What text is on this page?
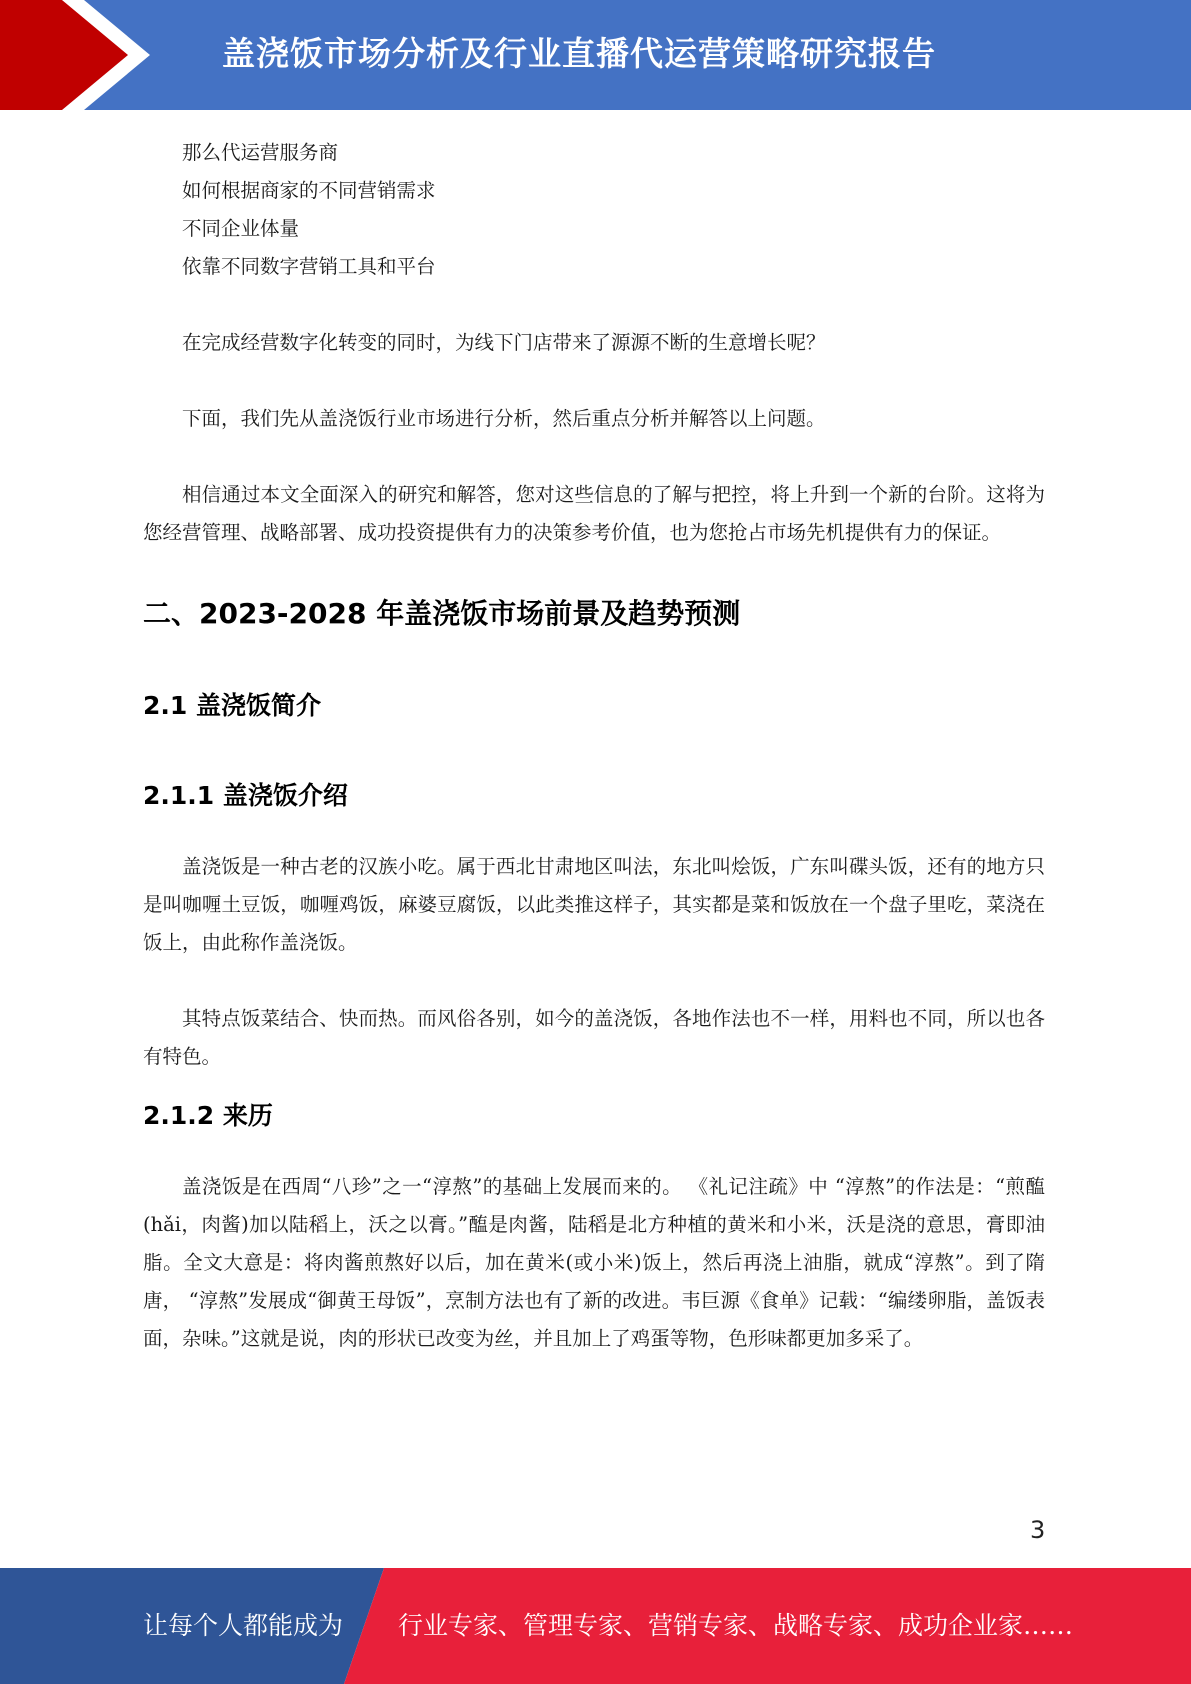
盖浇饭市场分析及行业直播代运营策略研究报告

那么代运营服务商

如何根据商家的不同营销需求

不同企业体量

依靠不同数字营销工具和平台

在完成经营数字化转变的同时，为线下门店带来了源源不断的生意增长呢？

下面，我们先从盖浇饭行业市场进行分析，然后重点分析并解答以上问题。

相信通过本文全面深入的研究和解答，您对这些信息的了解与把控，将上升到一个新的台阶。这将为您经营管理、战略部署、成功投资提供有力的决策参考价值，也为您抢占市场先机提供有力的保证。

二、2023-2028 年盖浇饭市场前景及趋势预测
2.1 盖浇饭简介
2.1.1 盖浇饭介绍

盖浇饭是一种古老的汉族小吃。属于西北甘肃地区叫法，东北叫烩饭，广东叫碟头饭，还有的地方只是叫咖喱土豆饭，咖喱鸡饭，麻婆豆腐饭，以此类推这样子，其实都是菜和饭放在一个盘子里吃，菜浇在饭上，由此称作盖浇饭。

其特点饭菜结合、快而热。而风俗各别，如今的盖浇饭，各地作法也不一样，用料也不同，所以也各有特色。

2.1.2 来历

盖浇饭是在西周“八珍”之一“淳熬”的基础上发展而来的。 《礼记注疏》中 “淳熬”的作法是：“煎醢(hǎi，肉酱)加以陆稻上，沃之以膏。”醢是肉酱，陆稻是北方种植的黄米和小米，沃是浇的意思，膏即油脂。全文大意是：将肉酱煎熬好以后，加在黄米(或小米)饭上，然后再浇上油脂，就成“淳熬”。到了隋唐， “淳熬”发展成“御黄王母饭”，烹制方法也有了新的改进。韦巨源《食单》记载：“编缕卵脂，盖饭表面，杂味。”这就是说，肉的形状已改变为丝，并且加上了鸡蛋等物，色形味都更加多采了。

3
让每个人都能成为 行业专家、管理专家、营销专家、战略专家、成功企业家……
